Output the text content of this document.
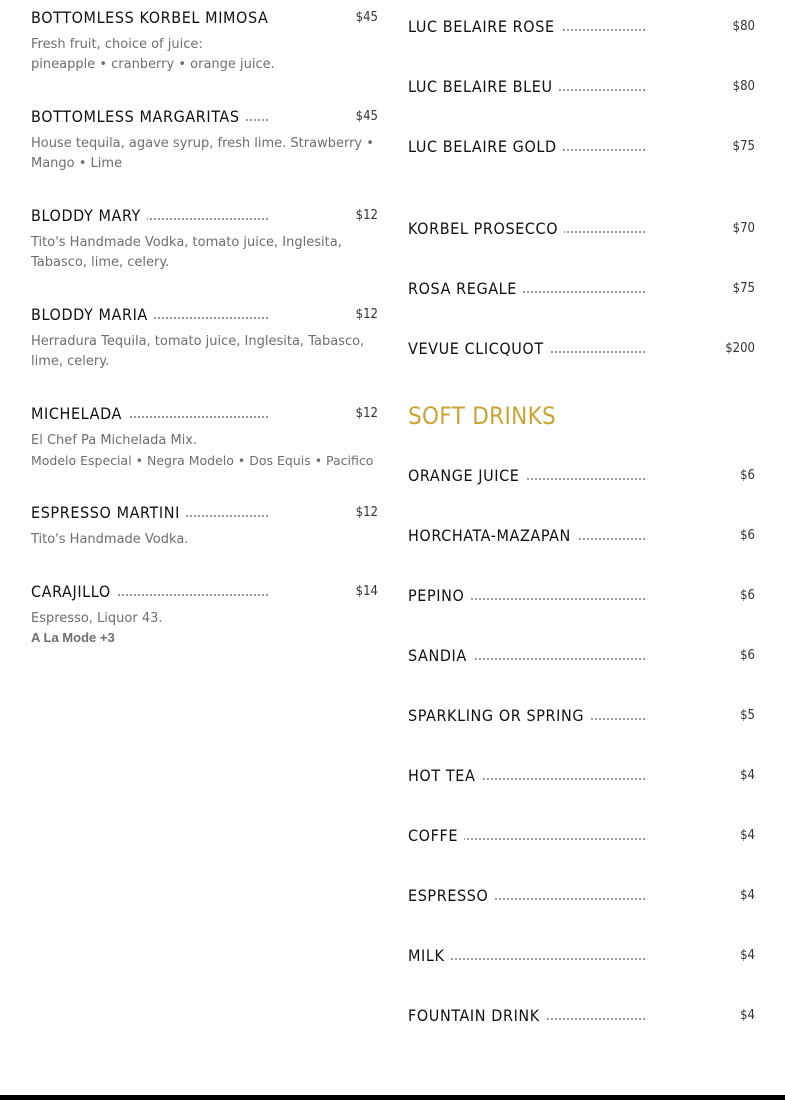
BOTTOMLESS KORBEL MIMOSA	$45
Fresh fruit, choice of juice:
pineapple • cranberry • orange juice.
BOTTOMLESS MARGARITAS	$45
House tequila, agave syrup, fresh lime. Strawberry •
Mango • Lime
BLODDY MARY	$12
Tito's Handmade Vodka, tomato juice, Inglesita,
Tabasco, lime, celery.
BLODDY MARIA	$12
Herradura Tequila, tomato juice, Inglesita, Tabasco,
lime, celery.
MICHELADA	$12
El Chef Pa Michelada Mix.
Modelo Especial • Negra Modelo • Dos Equis • Pacifico
ESPRESSO MARTINI	$12
Tito's Handmade Vodka.
CARAJILLO	$14
Espresso, Liquor 43.
A La Mode +3
LUC BELAIRE ROSE	$80
LUC BELAIRE BLEU	$80
LUC BELAIRE GOLD	$75
KORBEL PROSECCO	$70
ROSA REGALE	$75
VEVUE CLICQUOT	$200
SOFT DRINKS
ORANGE JUICE	$6
HORCHATA-MAZAPAN	$6
PEPINO	$6
SANDIA	$6
SPARKLING OR SPRING	$5
HOT TEA	$4
COFFE	$4
ESPRESSO	$4
MILK	$4
FOUNTAIN DRINK	$4
